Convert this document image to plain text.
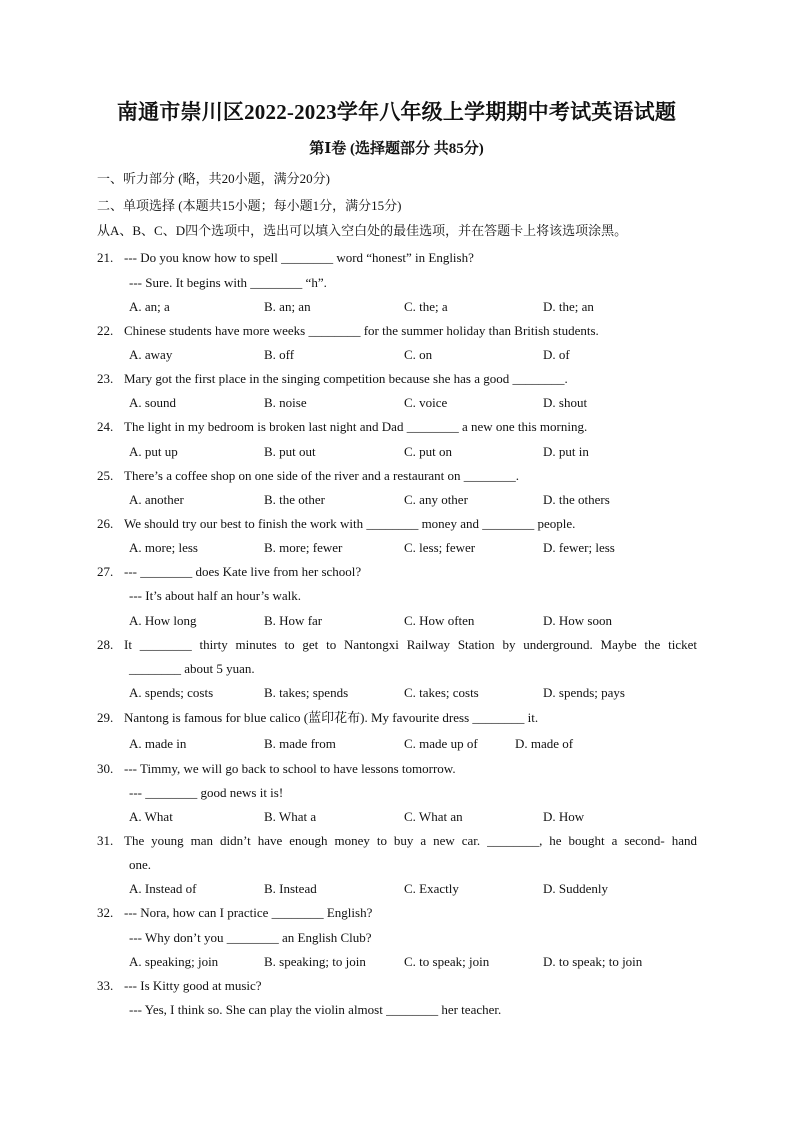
南通市崇川区2022-2023学年八年级上学期期中考试英语试题
第Ⅰ卷 (选择题部分 共85分)
一、听力部分 (略，共20小题，满分20分)
二、单项选择 (本题共15小题；每小题1分，满分15分)
从A、B、C、D四个选项中，选出可以填入空白处的最佳选项，并在答题卡上将该选项涂黑。
21. --- Do you know how to spell ________ word “honest” in English?
--- Sure. It begins with ________ “h”.
A. an; a	B. an; an	C. the; a	D. the; an
22. Chinese students have more weeks ________ for the summer holiday than British students.
A. away	B. off	C. on	D. of
23. Mary got the first place in the singing competition because she has a good ________.
A. sound	B. noise	C. voice	D. shout
24. The light in my bedroom is broken last night and Dad ________ a new one this morning.
A. put up	B. put out	C. put on	D. put in
25. There’s a coffee shop on one side of the river and a restaurant on ________.
A. another	B. the other	C. any other	D. the others
26. We should try our best to finish the work with ________ money and ________ people.
A. more; less	B. more; fewer	C. less; fewer	D. fewer; less
27. --- ________ does Kate live from her school?
--- It’s about half an hour’s walk.
A. How long	B. How far	C. How often	D. How soon
28. It ________ thirty minutes to get to Nantongxi Railway Station by underground. Maybe the ticket
________ about 5 yuan.
A. spends; costs	B. takes; spends	C. takes; costs	D. spends; pays
29. Nantong is famous for blue calico (蓝印花布). My favourite dress ________ it.
A. made in	B. made from	C. made up of	D. made of
30. --- Timmy, we will go back to school to have lessons tomorrow.
--- ________ good news it is!
A. What	B. What a	C. What an	D. How
31. The young man didn’t have enough money to buy a new car. ________, he bought a second- hand
one.
A. Instead of	B. Instead	C. Exactly	D. Suddenly
32. --- Nora, how can I practice ________ English?
--- Why don’t you ________ an English Club?
A. speaking; join	B. speaking; to join	C. to speak; join	D. to speak; to join
33. --- Is Kitty good at music?
--- Yes, I think so. She can play the violin almost ________ her teacher.
